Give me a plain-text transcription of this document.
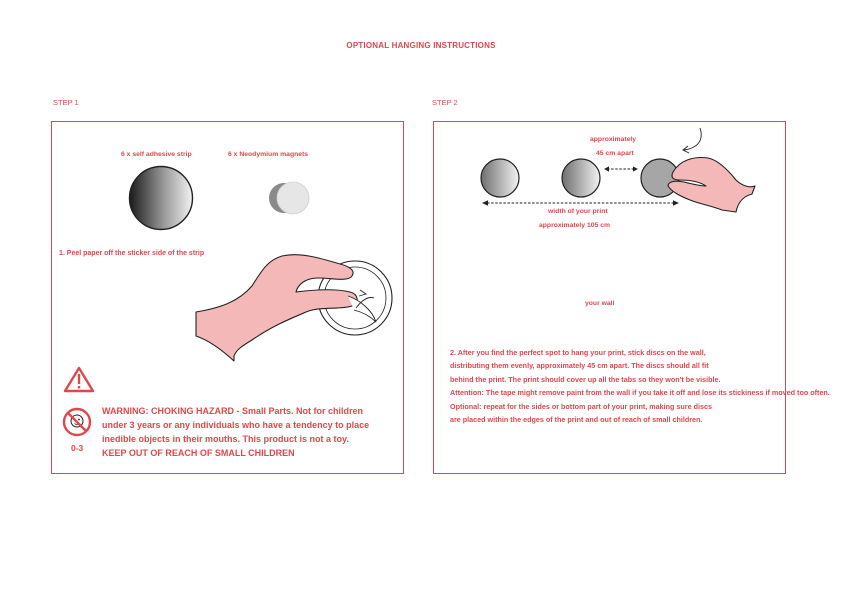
OPTIONAL HANGING INSTRUCTIONS
STEP 1
6 x self adhesive strip	6 x Neodymium magnets
1. Peel paper off the sticker side of the strip
0-3
WARNING: CHOKING HAZARD - Small Parts. Not for children
under 3 years or any individuals who have a tendency to place
inedible objects in their mouths. This product is not a toy.
KEEP OUT OF REACH OF SMALL CHILDREN
STEP 2
approximately
45 cm apart
width of your print
approximately 105 cm
your wall
2. After you find the perfect spot to hang your print, stick discs on the wall, distributing them evenly, approximately 45 cm apart. The discs should all fit behind the print. The print should cover up all the tabs so they won't be visible. Attention: The tape might remove paint from the wall if you take it off and lose its stickiness if moved too often. Optional: repeat for the sides or bottom part of your print, making sure discs are placed within the edges of the print and out of reach of small children.
